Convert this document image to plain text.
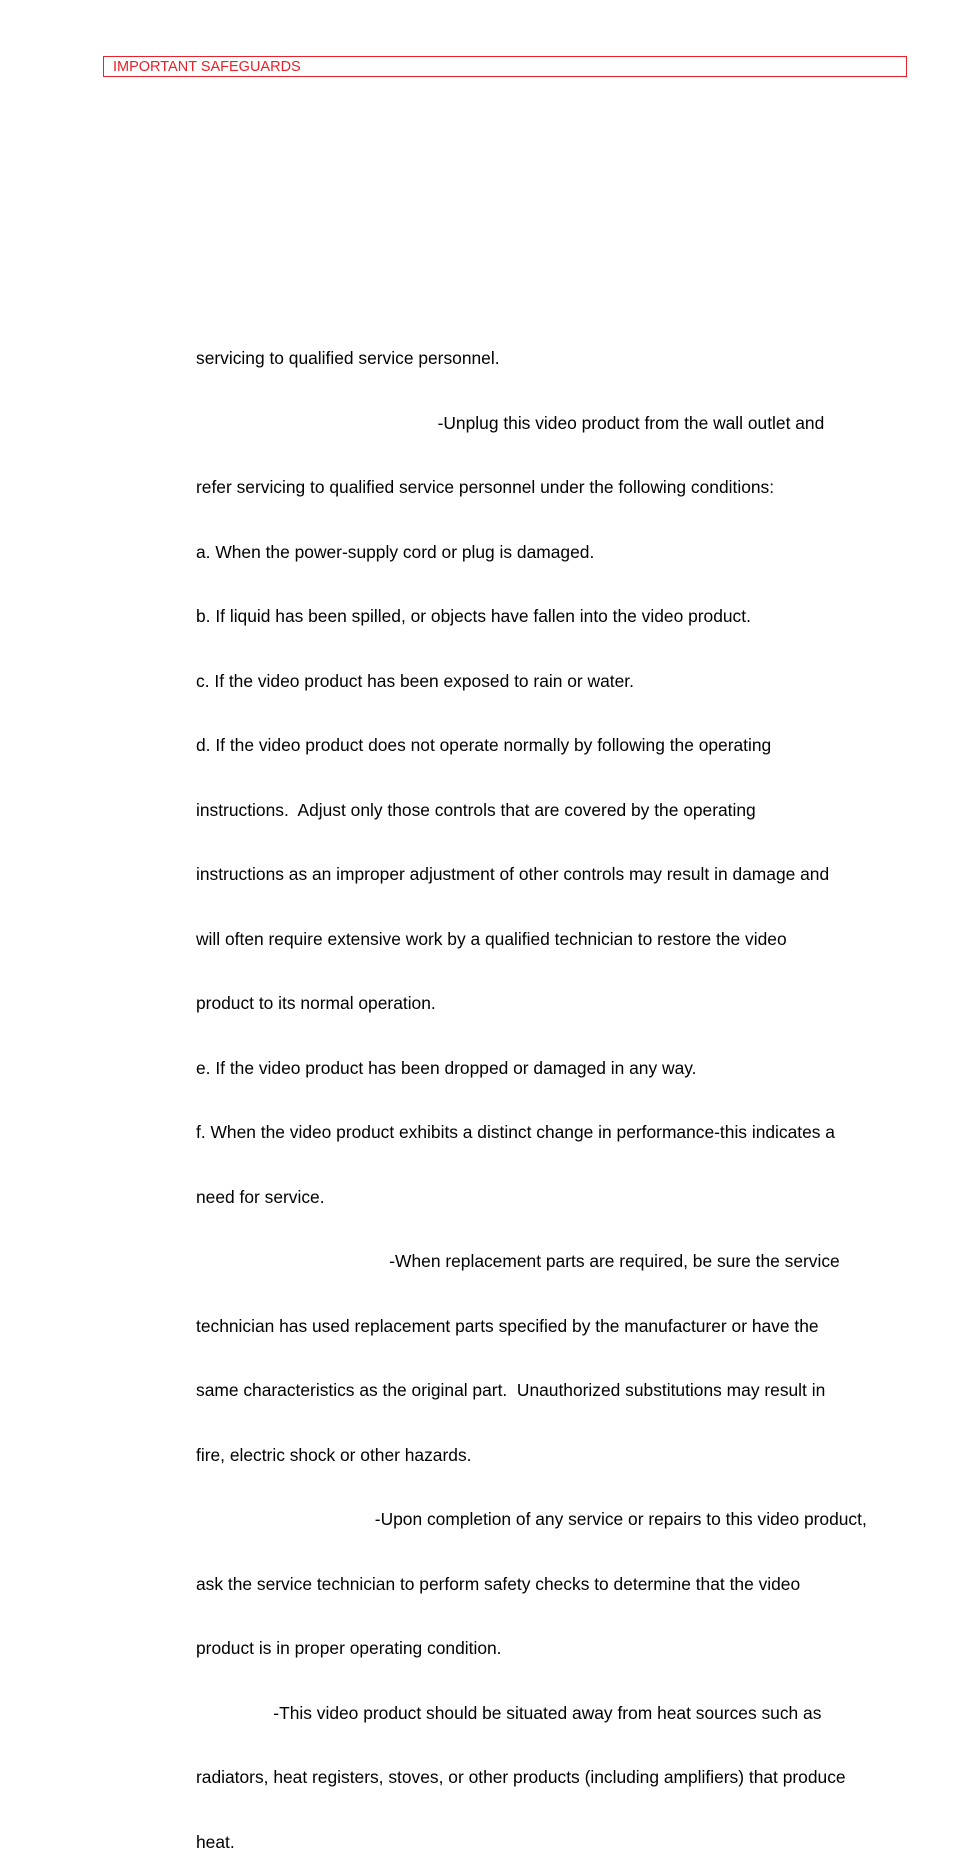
IMPORTANT SAFEGUARDS

servicing to qualified service personnel.

-Unplug this video product from the wall outlet and

refer servicing to qualified service personnel under the following conditions:

a. When the power-supply cord or plug is damaged.

b. If liquid has been spilled, or objects have fallen into the video product.

c. If the video product has been exposed to rain or water.

d. If the video product does not operate normally by following the operating

instructions.  Adjust only those controls that are covered by the operating

instructions as an improper adjustment of other controls may result in damage and

will often require extensive work by a qualified technician to restore the video

product to its normal operation.

e. If the video product has been dropped or damaged in any way.

f. When the video product exhibits a distinct change in performance-this indicates a

need for service.

-When replacement parts are required, be sure the service

technician has used replacement parts specified by the manufacturer or have the

same characteristics as the original part.  Unauthorized substitutions may result in

fire, electric shock or other hazards.

-Upon completion of any service or repairs to this video product,

ask the service technician to perform safety checks to determine that the video

product is in proper operating condition.

-This video product should be situated away from heat sources such as

radiators, heat registers, stoves, or other products (including amplifiers) that produce

heat.
